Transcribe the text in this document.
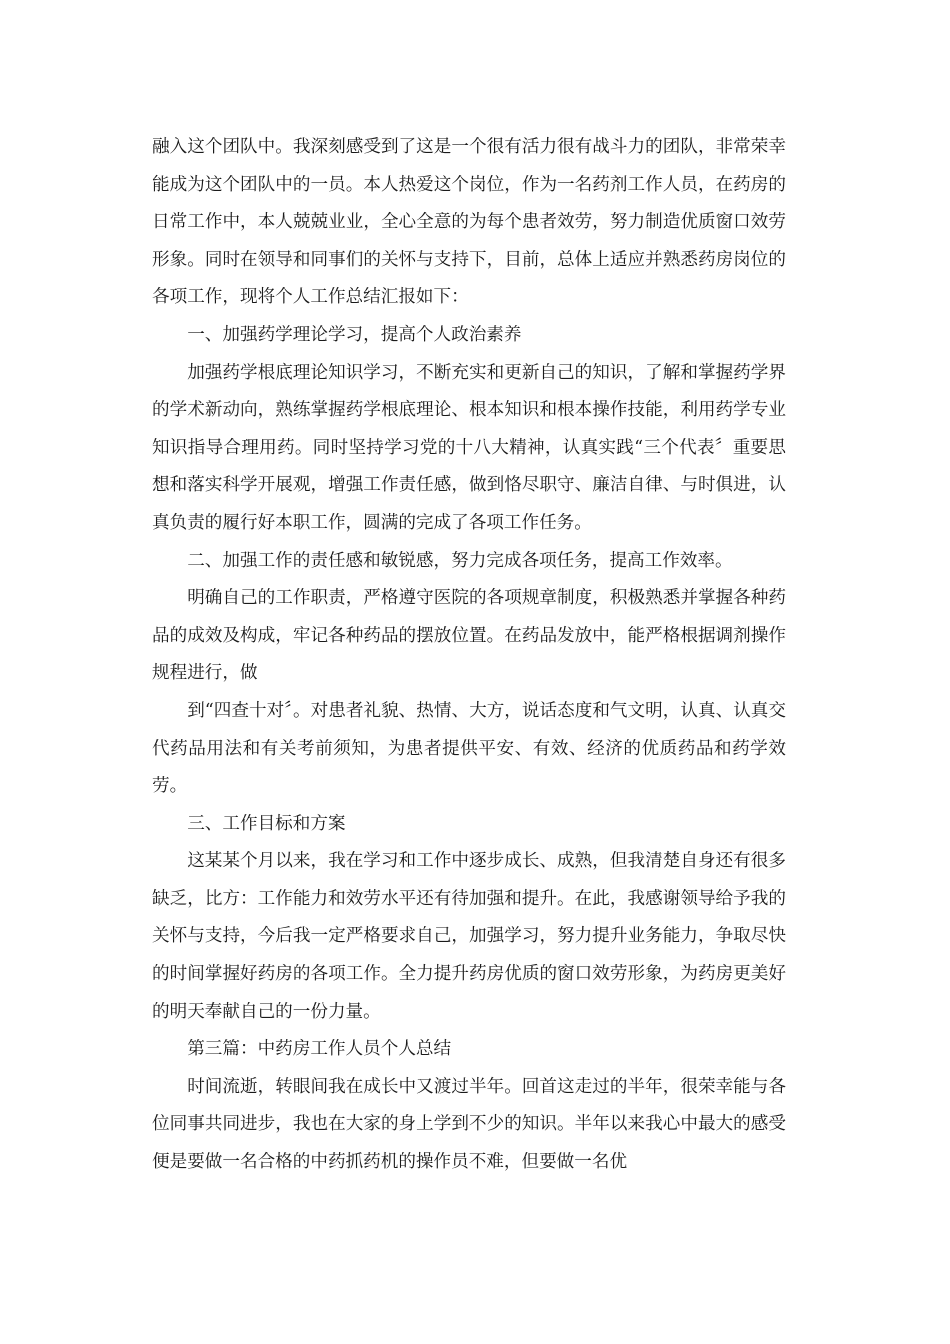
融入这个团队中。我深刻感受到了这是一个很有活力很有战斗力的团队，非常荣幸能成为这个团队中的一员。本人热爱这个岗位，作为一名药剂工作人员，在药房的日常工作中，本人兢兢业业，全心全意的为每个患者效劳，努力制造优质窗口效劳形象。同时在领导和同事们的关怀与支持下，目前，总体上适应并熟悉药房岗位的各项工作，现将个人工作总结汇报如下：

一、加强药学理论学习，提高个人政治素养

加强药学根底理论知识学习，不断充实和更新自己的知识，了解和掌握药学界的学术新动向，熟练掌握药学根底理论、根本知识和根本操作技能，利用药学专业知识指导合理用药。同时坚持学习党的十八大精神，认真实践“三个代表〞重要思想和落实科学开展观，增强工作责任感，做到恪尽职守、廉洁自律、与时俱进，认真负责的履行好本职工作，圆满的完成了各项工作任务。

二、加强工作的责任感和敏锐感，努力完成各项任务，提高工作效率。

明确自己的工作职责，严格遵守医院的各项规章制度，积极熟悉并掌握各种药品的成效及构成，牢记各种药品的摆放位置。在药品发放中，能严格根据调剂操作规程进行，做

到“四查十对〞。对患者礼貌、热情、大方，说话态度和气文明，认真、认真交代药品用法和有关考前须知，为患者提供平安、有效、经济的优质药品和药学效劳。

三、工作目标和方案

这某某个月以来，我在学习和工作中逐步成长、成熟，但我清楚自身还有很多缺乏，比方：工作能力和效劳水平还有待加强和提升。在此，我感谢领导给予我的关怀与支持，今后我一定严格要求自己，加强学习，努力提升业务能力，争取尽快的时间掌握好药房的各项工作。全力提升药房优质的窗口效劳形象，为药房更美好的明天奉献自己的一份力量。

第三篇：中药房工作人员个人总结

时间流逝，转眼间我在成长中又渡过半年。回首这走过的半年，很荣幸能与各位同事共同进步，我也在大家的身上学到不少的知识。半年以来我心中最大的感受便是要做一名合格的中药抓药机的操作员不难，但要做一名优
